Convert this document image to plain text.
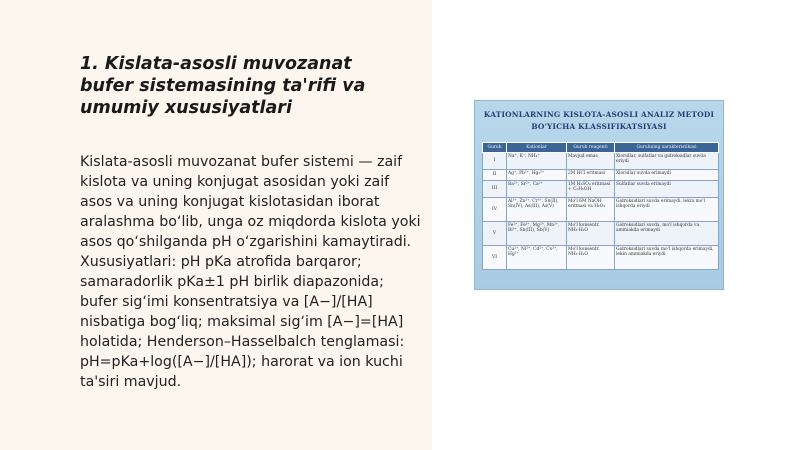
1. Kislata-asosli muvozanat bufer sistemasining ta'rifi va umumiy xususiyatlari

Kislata-asosli muvozanat bufer sistemi — zaif kislota va uning konjugat asosidan yoki zaif asos va uning konjugat kislotasidan iborat aralashma bo‘lib, unga oz miqdorda kislota yoki asos qo‘shilganda pH o‘zgarishini kamaytiradi. Xususiyatlari: pH pKa atrofida barqaror; samaradorlik pKa±1 pH birlik diapazonida; bufer sig‘imi konsentratsiya va [A−]/[HA] nisbatiga bog‘liq; maksimal sig‘im [A−]=[HA] holatida; Henderson–Hasselbalch tenglamasi: pH=pKa+log([A−]/[HA]); harorat va ion kuchi ta'siri mavjud.

KATIONLARNING KISLOTA-ASOSLI ANALIZ METODI
BO'YICHA KLASSIFIKATSIYASI
Guruh	Kationlar	Guruh reagenti	Guruhning xarakteristikasi
I	Na⁺, K⁺, NH₄⁺	Mavjud emas	Xloridlar, sulfatlar va gidroksidlar suvda eriydi
II	Ag⁺, Pb²⁺, Hg₂²⁺	2M HCl eritmasi	Xloridlar suvda erimaydi
III	Ba²⁺, Sr²⁺, Ca²⁺	1M H₂SO₄ eritmasi + C₂H₅OH	Sulfatlar suvda erimaydi
IV	Al³⁺, Zn²⁺, Cr³⁺, Sn(II), Sn(IV), As(III), As(V)	Mo'l 6M NaOH eritmasi va H₂O₂	Gidroksidlari suvda erimaydi, lekin mo'l ishqorda eriydi
V	Fe²⁺, Fe³⁺, Mg²⁺, Mn²⁺, Bi³⁺, Sb(III), Sb(V)	Mo'l konsentr. NH₃·H₂O	Gidroksidlari suvda, mo'l ishqorda va ammiakda erimaydi
VI	Cu²⁺, Ni²⁺, Cd²⁺, Co²⁺, Hg²⁺	Mo'l konsentr. NH₃·H₂O	Gidroksidlari suvda mo'l ishqorda erimaydi, lekin ammiakda eriydi
